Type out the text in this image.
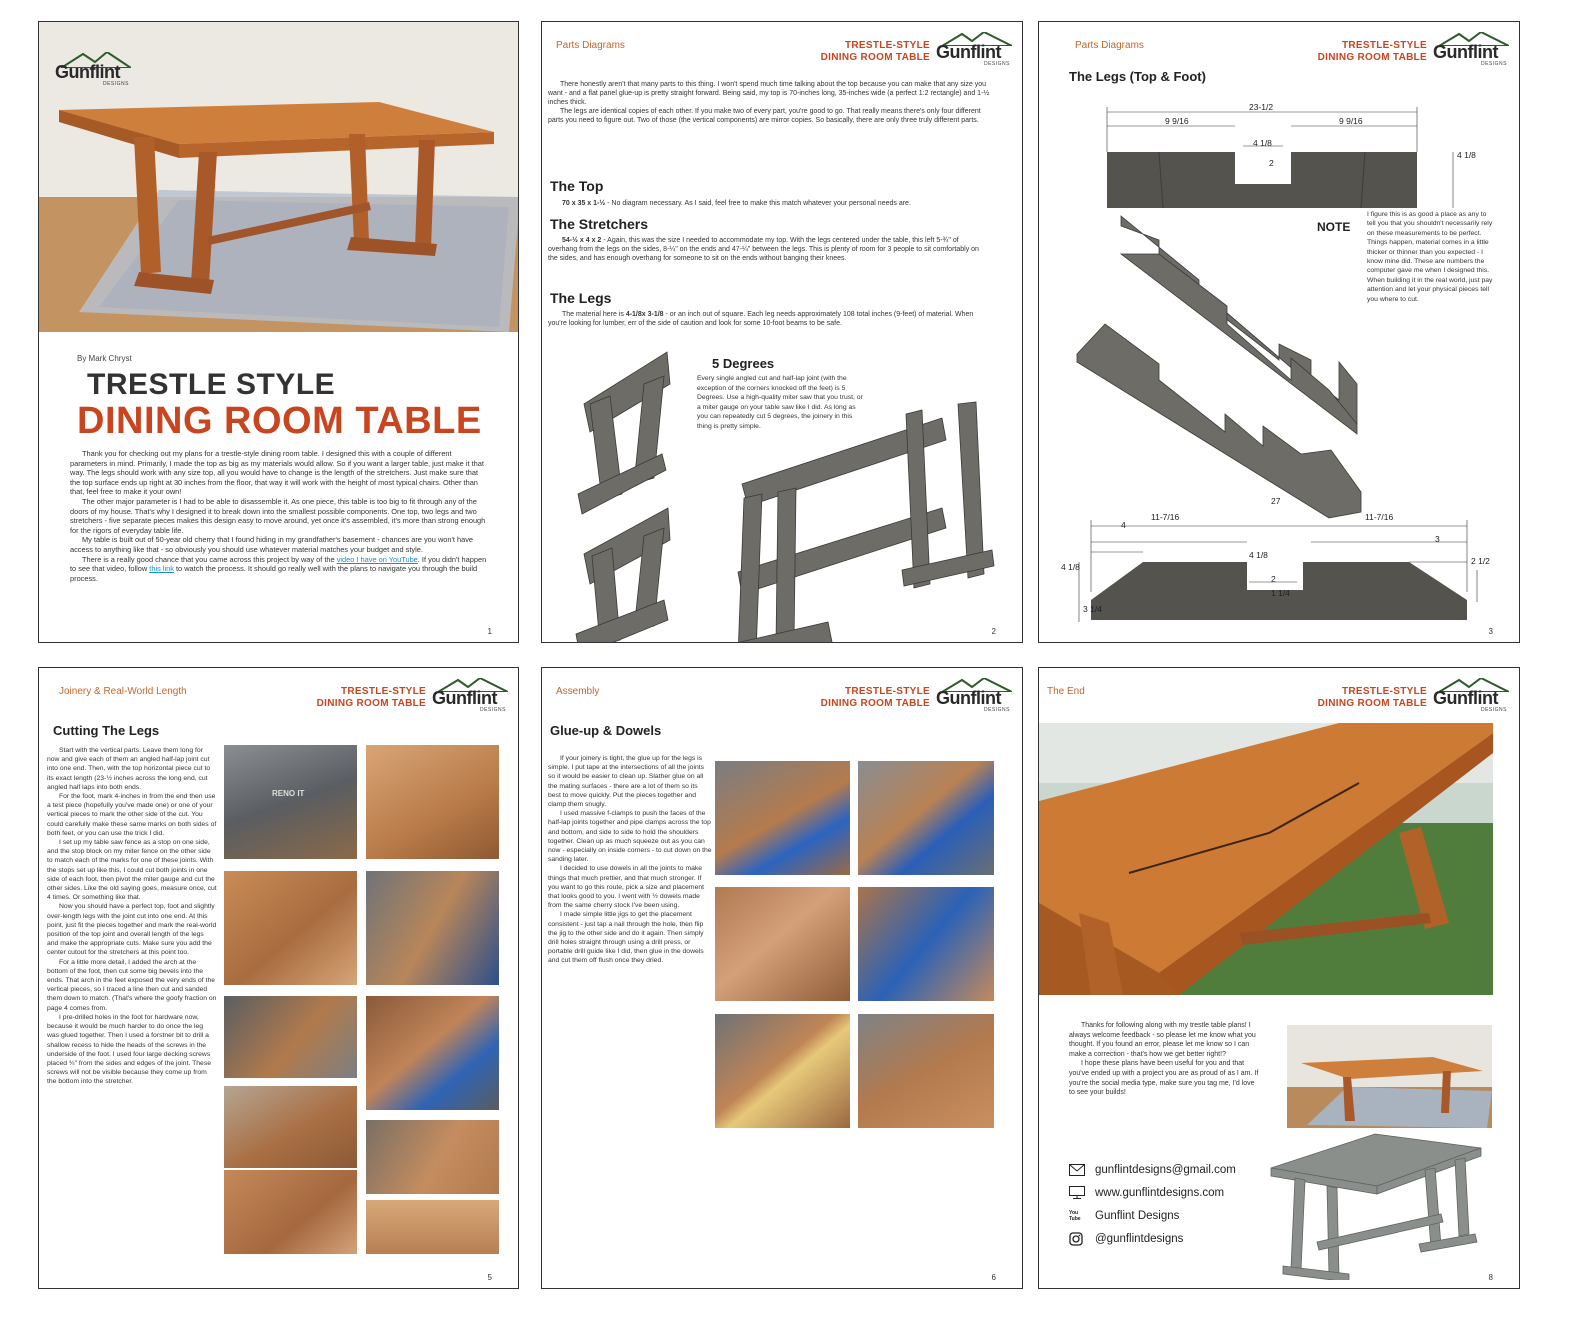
Gunflint
DESIGNS
By Mark Chryst
TRESTLE STYLE
DINING ROOM TABLE

Thank you for checking out my plans for a trestle-style dining room table. I designed this with a couple of different parameters in mind. Primarily, I made the top as big as my materials would allow. So if you want a larger table, just make it that way. The legs should work with any size top, all you would have to change is the length of the stretchers. Just make sure that the top surface ends up right at 30 inches from the floor, that way it will work with the height of most typical chairs. Other than that, feel free to make it your own!

The other major parameter is I had to be able to disassemble it. As one piece, this table is too big to fit through any of the doors of my house. That's why I designed it to break down into the smallest possible components. One top, two legs and two stretchers - five separate pieces makes this design easy to move around, yet once it's assembled, it's more than strong enough for the rigors of everyday table life.

My table is built out of 50-year old cherry that I found hiding in my grandfather's basement - chances are you won't have access to anything like that - so obviously you should use whatever material matches your budget and style.

There is a really good chance that you came across this project by way of the video I have on YouTube. If you didn't happen to see that video, follow this link to watch the process. It should go really well with the plans to navigate you through the build process.

1
Parts Diagrams	TRESTLE-STYLE
DINING ROOM TABLE Gunflint
DESIGNS

There honestly aren't that many parts to this thing. I won't spend much time talking about the top because you can make that any size you want - and a flat panel glue-up is pretty straight forward. Being said, my top is 70-inches long, 35-inches wide (a perfect 1:2 rectangle) and 1-½ inches thick.

The legs are identical copies of each other. If you make two of every part, you're good to go. That really means there's only four different parts you need to figure out. Two of those (the vertical components) are mirror copies. So basically, there are only three truly different parts.

The Top
70 x 35 x 1-½ - No diagram necessary. As I said, feel free to make this match whatever your personal needs are.
The Stretchers
54-½ x 4 x 2 - Again, this was the size I needed to accommodate my top. With the legs centered under the table, this left 5-¾" of overhang from the legs on the sides, 8-¼" on the ends and 47-¼" between the legs. This is plenty of room for 3 people to sit comfortably on the sides, and has enough overhang for someone to sit on the ends without banging their knees.
The Legs
The material here is 4-1/8x 3-1/8 - or an inch out of square. Each leg needs approximately 108 total inches (9-feet) of material. When you're looking for lumber, err of the side of caution and look for some 10-foot beams to be safe.
5 Degrees
Every single angled cut and half-lap joint (with the exception of the corners knocked off the feet) is 5 Degrees. Use a high-quality miter saw that you trust, or a miter gauge on your table saw like I did. As long as you can repeatedly cut 5 degrees, the joinery in this thing is pretty simple.
2
Parts Diagrams	TRESTLE-STYLE
DINING ROOM TABLE Gunflint
DESIGNS
The Legs (Top & Foot)
23-1/2
9 9/16	9 9/16
4 1/8
2
4 1/8
NOTE
I figure this is as good a place as any to tell you that you shouldn't necessarily rely on these measurements to be perfect. Things happen, material comes in a little thicker or thinner than you expected - I know mine did. These are numbers the computer gave me when I designed this. When building it in the real world, just pay attention and let your physical pieces tell you where to cut.
27
11-7/16	11-7/16
4
3
4 1/8
2
4 1/8
2 1/2
1 1/4
3 1/4
3
Joinery & Real-World Length	TRESTLE-STYLE
DINING ROOM TABLE Gunflint
DESIGNS
Cutting The Legs

Start with the vertical parts. Leave them long for now and give each of them an angled half-lap joint cut into one end. Then, with the top horizontal piece cut to its exact length (23-½ inches across the long end, cut angled half laps into both ends.

For the foot, mark 4-inches in from the end then use a test piece (hopefully you've made one) or one of your vertical pieces to mark the other side of the cut. You could carefully make these same marks on both sides of both feet, or you can use the trick I did.

I set up my table saw fence as a stop on one side, and the stop block on my miter fence on the other side to match each of the marks for one of these joints. With the stops set up like this, I could cut both joints in one side of each foot, then pivot the miter gauge and cut the other sides. Like the old saying goes, measure once, cut 4 times. Or something like that.

Now you should have a perfect top, foot and slightly over-length legs with the joint cut into one end. At this point, just fit the pieces together and mark the real-world position of the top joint and overall length of the legs and make the appropriate cuts. Make sure you add the center cutout for the stretchers at this point too.

For a little more detail, I added the arch at the bottom of the foot, then cut some big bevels into the ends. That arch in the feet exposed the very ends of the vertical pieces, so I traced a line then cut and sanded them down to match. (That's where the goofy fraction on page 4 comes from.

I pre-drilled holes in the foot for hardware now, because it would be much harder to do once the leg was glued together. Then I used a forstner bit to drill a shallow recess to hide the heads of the screws in the underside of the foot. I used four large decking screws placed ¾" from the sides and edges of the joint. These screws will not be visible because they come up from the bottom into the stretcher.

RENO IT
5
Assembly	TRESTLE-STYLE
DINING ROOM TABLE Gunflint
DESIGNS
Glue-up & Dowels

If your joinery is tight, the glue up for the legs is simple. I put tape at the intersections of all the joints so it would be easier to clean up. Slather glue on all the mating surfaces - there are a lot of them so its best to move quickly. Put the pieces together and clamp them snugly.

I used massive f-clamps to push the faces of the half-lap joints together and pipe clamps across the top and bottom, and side to side to hold the shoulders together. Clean up as much squeeze out as you can now - especially on inside corners - to cut down on the sanding later.

I decided to use dowels in all the joints to make things that much prettier, and that much stronger. If you want to go this route, pick a size and placement that looks good to you. I went with ½ dowels made from the same cherry stock I've been using.

I made simple little jigs to get the placement consistent - just tap a nail through the hole, then flip the jig to the other side and do it again. Then simply drill holes straight through using a drill press, or portable drill guide like I did, then glue in the dowels and cut them off flush once they dried.

6
The End	TRESTLE-STYLE
DINING ROOM TABLE Gunflint
DESIGNS

Thanks for following along with my trestle table plans! I always welcome feedback - so please let me know what you thought. If you found an error, please let me know so I can make a correction - that's how we get better right!?

I hope these plans have been useful for you and that you've ended up with a project you are as proud of as I am. If you're the social media type, make sure you tag me, I'd love to see your builds!

gunflintdesigns@gmail.com
www.gunflintdesigns.com
You Tube	Gunflint Designs
@gunflintdesigns
8
